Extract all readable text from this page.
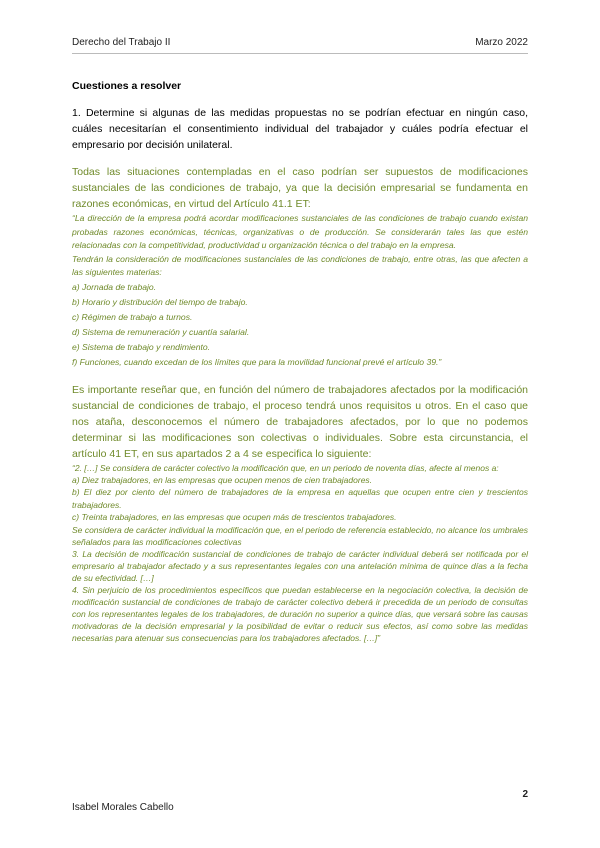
Derecho del Trabajo II	Marzo 2022

Cuestiones a resolver

1. Determine si algunas de las medidas propuestas no se podrían efectuar en ningún caso, cuáles necesitarían el consentimiento individual del trabajador y cuáles podría efectuar el empresario por decisión unilateral.

Todas las situaciones contempladas en el caso podrían ser supuestos de modificaciones sustanciales de las condiciones de trabajo, ya que la decisión empresarial se fundamenta en razones económicas, en virtud del Artículo 41.1 ET:

“La dirección de la empresa podrá acordar modificaciones sustanciales de las condiciones de trabajo cuando existan probadas razones económicas, técnicas, organizativas o de producción. Se considerarán tales las que estén relacionadas con la competitividad, productividad u organización técnica o del trabajo en la empresa.

Tendrán la consideración de modificaciones sustanciales de las condiciones de trabajo, entre otras, las que afecten a las siguientes materias:

a) Jornada de trabajo.

b) Horario y distribución del tiempo de trabajo.

c) Régimen de trabajo a turnos.

d) Sistema de remuneración y cuantía salarial.

e) Sistema de trabajo y rendimiento.

f) Funciones, cuando excedan de los límites que para la movilidad funcional prevé el artículo 39.”

Es importante reseñar que, en función del número de trabajadores afectados por la modificación sustancial de condiciones de trabajo, el proceso tendrá unos requisitos u otros. En el caso que nos ataña, desconocemos el número de trabajadores afectados, por lo que no podemos determinar si las modificaciones son colectivas o individuales. Sobre esta circunstancia, el artículo 41 ET, en sus apartados 2 a 4 se especifica lo siguiente:

“2. […] Se considera de carácter colectivo la modificación que, en un periodo de noventa días, afecte al menos a:

a) Diez trabajadores, en las empresas que ocupen menos de cien trabajadores.

b) El diez por ciento del número de trabajadores de la empresa en aquellas que ocupen entre cien y trescientos trabajadores.

c) Treinta trabajadores, en las empresas que ocupen más de trescientos trabajadores.

Se considera de carácter individual la modificación que, en el periodo de referencia establecido, no alcance los umbrales señalados para las modificaciones colectivas

3. La decisión de modificación sustancial de condiciones de trabajo de carácter individual deberá ser notificada por el empresario al trabajador afectado y a sus representantes legales con una antelación mínima de quince días a la fecha de su efectividad. […]

4. Sin perjuicio de los procedimientos específicos que puedan establecerse en la negociación colectiva, la decisión de modificación sustancial de condiciones de trabajo de carácter colectivo deberá ir precedida de un periodo de consultas con los representantes legales de los trabajadores, de duración no superior a quince días, que versará sobre las causas motivadoras de la decisión empresarial y la posibilidad de evitar o reducir sus efectos, así como sobre las medidas necesarias para atenuar sus consecuencias para los trabajadores afectados. […]”

2
Isabel Morales Cabello
